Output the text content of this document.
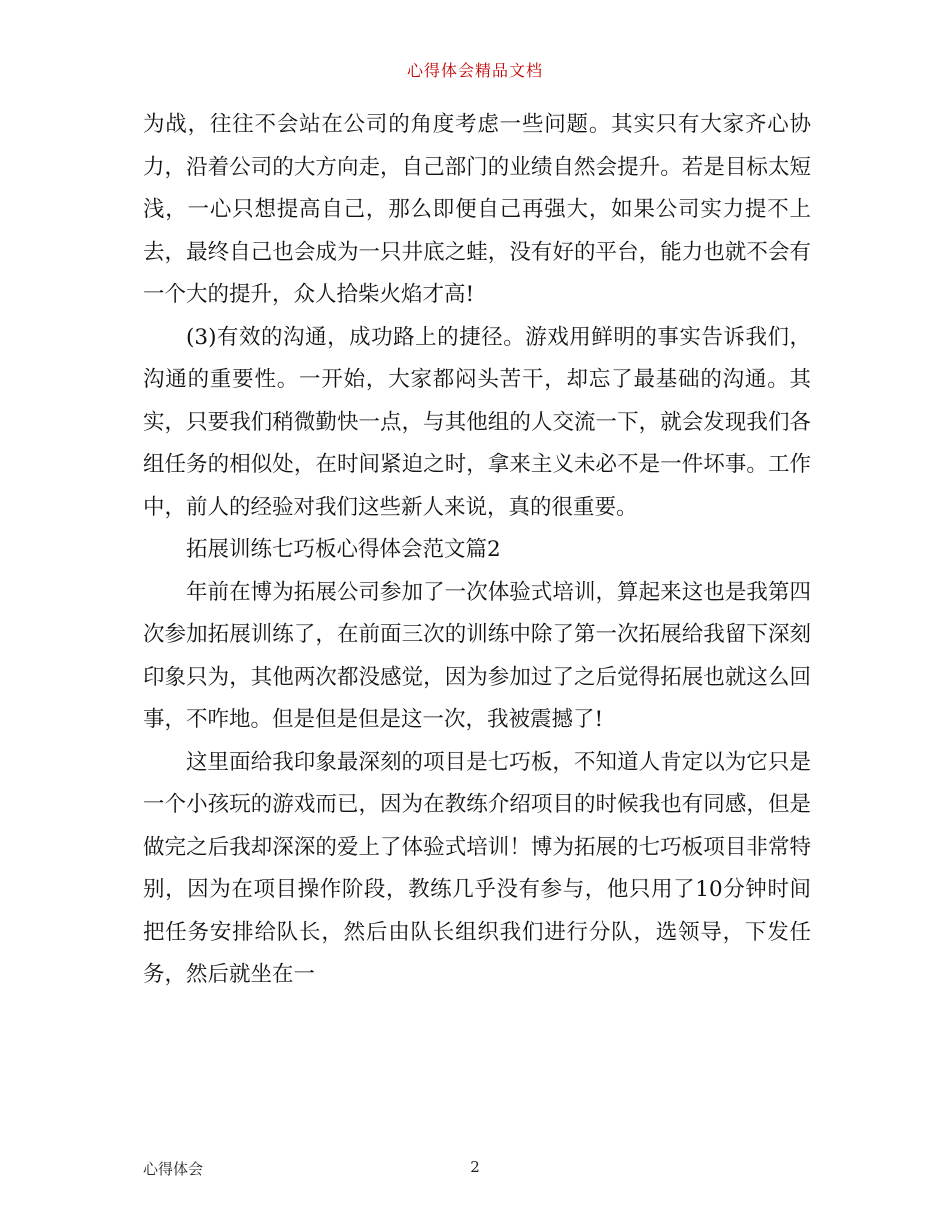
心得体会精品文档

为战，往往不会站在公司的角度考虑一些问题。其实只有大家齐心协力，沿着公司的大方向走，自己部门的业绩自然会提升。若是目标太短浅，一心只想提高自己，那么即便自己再强大，如果公司实力提不上去，最终自己也会成为一只井底之蛙，没有好的平台，能力也就不会有一个大的提升，众人拾柴火焰才高!

(3)有效的沟通，成功路上的捷径。游戏用鲜明的事实告诉我们，沟通的重要性。一开始，大家都闷头苦干，却忘了最基础的沟通。其实，只要我们稍微勤快一点，与其他组的人交流一下，就会发现我们各组任务的相似处，在时间紧迫之时，拿来主义未必不是一件坏事。工作中，前人的经验对我们这些新人来说，真的很重要。

拓展训练七巧板心得体会范文篇2

年前在博为拓展公司参加了一次体验式培训，算起来这也是我第四次参加拓展训练了，在前面三次的训练中除了第一次拓展给我留下深刻印象只为，其他两次都没感觉，因为参加过了之后觉得拓展也就这么回事，不咋地。但是但是但是这一次，我被震撼了!

这里面给我印象最深刻的项目是七巧板，不知道人肯定以为它只是一个小孩玩的游戏而已，因为在教练介绍项目的时候我也有同感，但是做完之后我却深深的爱上了体验式培训！博为拓展的七巧板项目非常特别，因为在项目操作阶段，教练几乎没有参与，他只用了10分钟时间把任务安排给队长，然后由队长组织我们进行分队，选领导，下发任务，然后就坐在一

心得体会	2
